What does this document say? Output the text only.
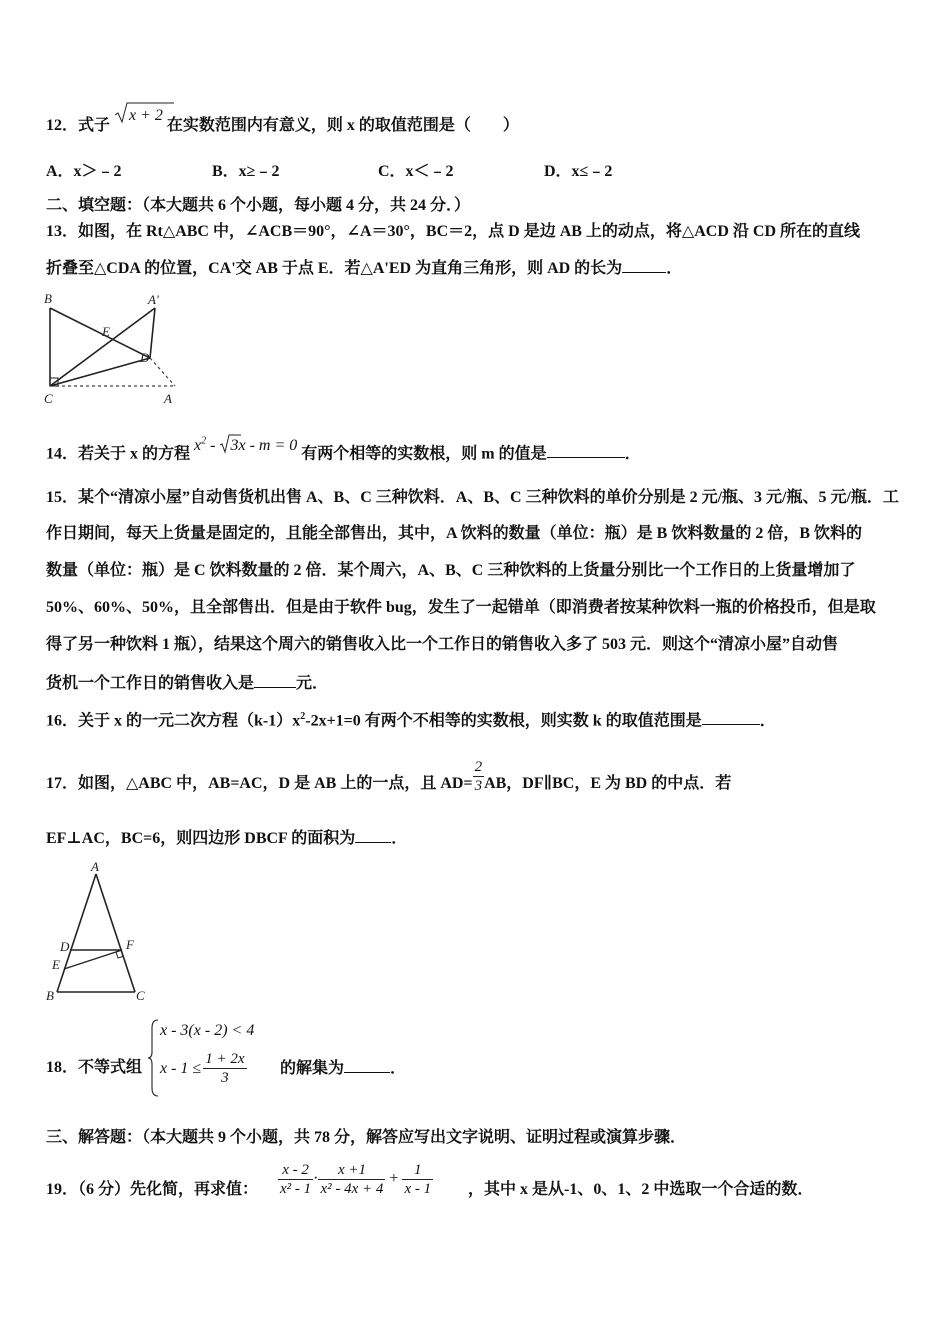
12．式子
x + 2 在实数范围内有意义，则 x 的取值范围是（　　）
A．x＞﹣2	B．x≥﹣2	C．x＜﹣2	D．x≤﹣2
二、填空题：（本大题共 6 个小题，每小题 4 分，共 24 分．）
13．如图，在 Rt△ABC 中，∠ACB＝90°，∠A＝30°，BC＝2，点 D 是边 AB 上的动点，将△ACD 沿 CD 所在的直线
折叠至△CDA 的位置，CA'交 AB 于点 E．若△A'ED 为直角三角形，则 AD 的长为	．
B	A'
E
D
C	A
14．若关于 x 的方程 $x^2$ -
3x - m = 0 有两个相等的实数根，则 m 的值是	．
15．某个“清凉小屋”自动售货机出售 A、B、C 三种饮料．A、B、C 三种饮料的单价分别是 2 元/瓶、3 元/瓶、5 元/瓶．工
作日期间，每天上货量是固定的，且能全部售出，其中，A 饮料的数量（单位：瓶）是 B 饮料数量的 2 倍，B 饮料的
数量（单位：瓶）是 C 饮料数量的 2 倍．某个周六，A、B、C 三种饮料的上货量分别比一个工作日的上货量增加了
50%、60%、50%，且全部售出．但是由于软件 bug，发生了一起错单（即消费者按某种饮料一瓶的价格投币，但是取
得了另一种饮料 1 瓶），结果这个周六的销售收入比一个工作日的销售收入多了 503 元．则这个“清凉小屋”自动售
货机一个工作日的销售收入是	元．
16．关于 x 的一元二次方程$(k-1)x^2-2x+1=0$ 有两个不相等的实数根，则实数 k 的取值范围是	．
17．如图，△ABC 中，AB=AC，D 是 AB 上的一点，且 $AD= \frac{2}{3}$ AB，DF∥BC，E 为 BD 的中点．若
EF⊥AC，BC=6，则四边形 DBCF 的面积为 ．
A
D	F
E
B	C
18．不等式组
x - 3(x - 2) < 4
$x - 1 \le \frac{1 + 2x}{3}$ 的解集为	．
三、解答题：（本大题共 9 个小题，共 78 分，解答应写出文字说明、证明过程或演算步骤．
19．（6 分）先化简，再求值： $\frac{x - 2}{\text{x² - 1}} \cdot \frac{x +1}{\text{x² - 4x + 4}} + \frac{1}{x - 1}$ ，其中 x 是从-1、0、1、2 中选取一个合适的数．
